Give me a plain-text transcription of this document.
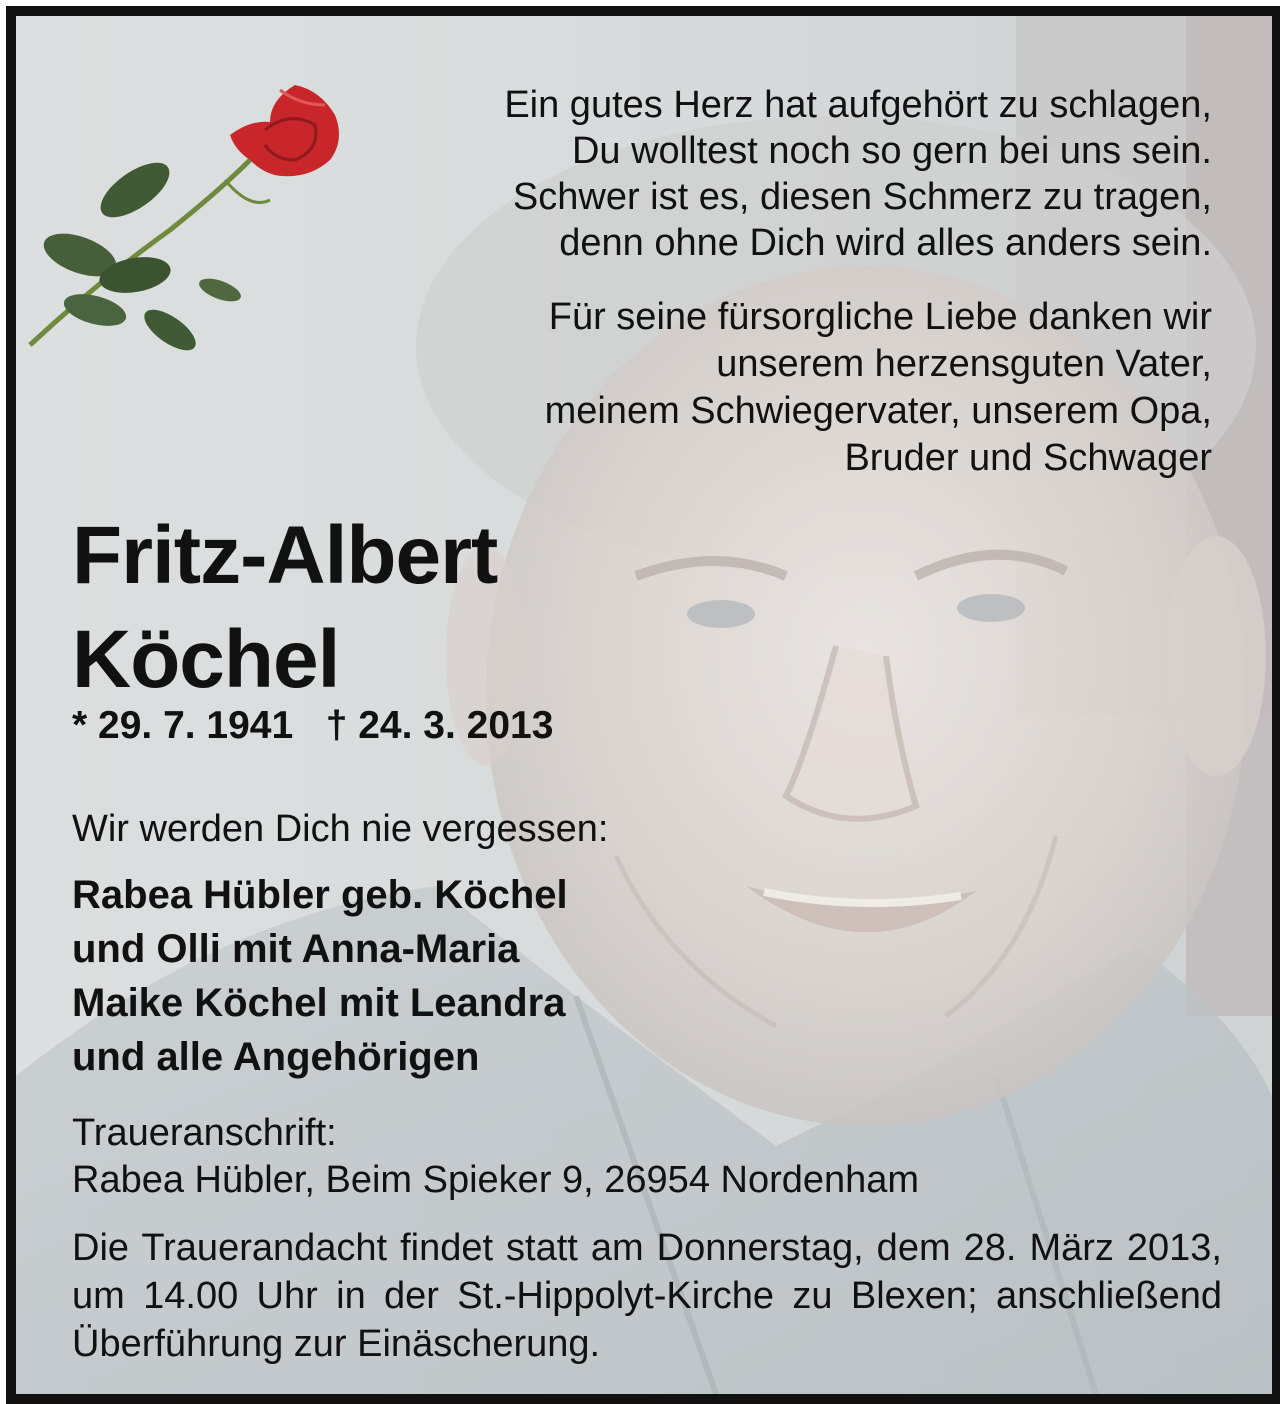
Ein gutes Herz hat aufgehört zu schlagen,

Du wolltest noch so gern bei uns sein.

Schwer ist es, diesen Schmerz zu tragen,

denn ohne Dich wird alles anders sein.

Für seine fürsorgliche Liebe danken wir
unserem herzensguten Vater,
meinem Schwiegervater, unserem Opa,
Bruder und Schwager
Fritz-Albert
Köchel
* 29. 7. 1941 † 24. 3. 2013
Wir werden Dich nie vergessen:
Rabea Hübler geb. Köchel
und Olli mit Anna-Maria
Maike Köchel mit Leandra
und alle Angehörigen
Traueranschrift:
Rabea Hübler, Beim Spieker 9, 26954 Nordenham
Die Trauerandacht findet statt am Donnerstag, dem 28. März 2013, um 14.00 Uhr in der St.-Hippolyt-Kirche zu Blexen; anschließend Überführung zur Einäscherung.
